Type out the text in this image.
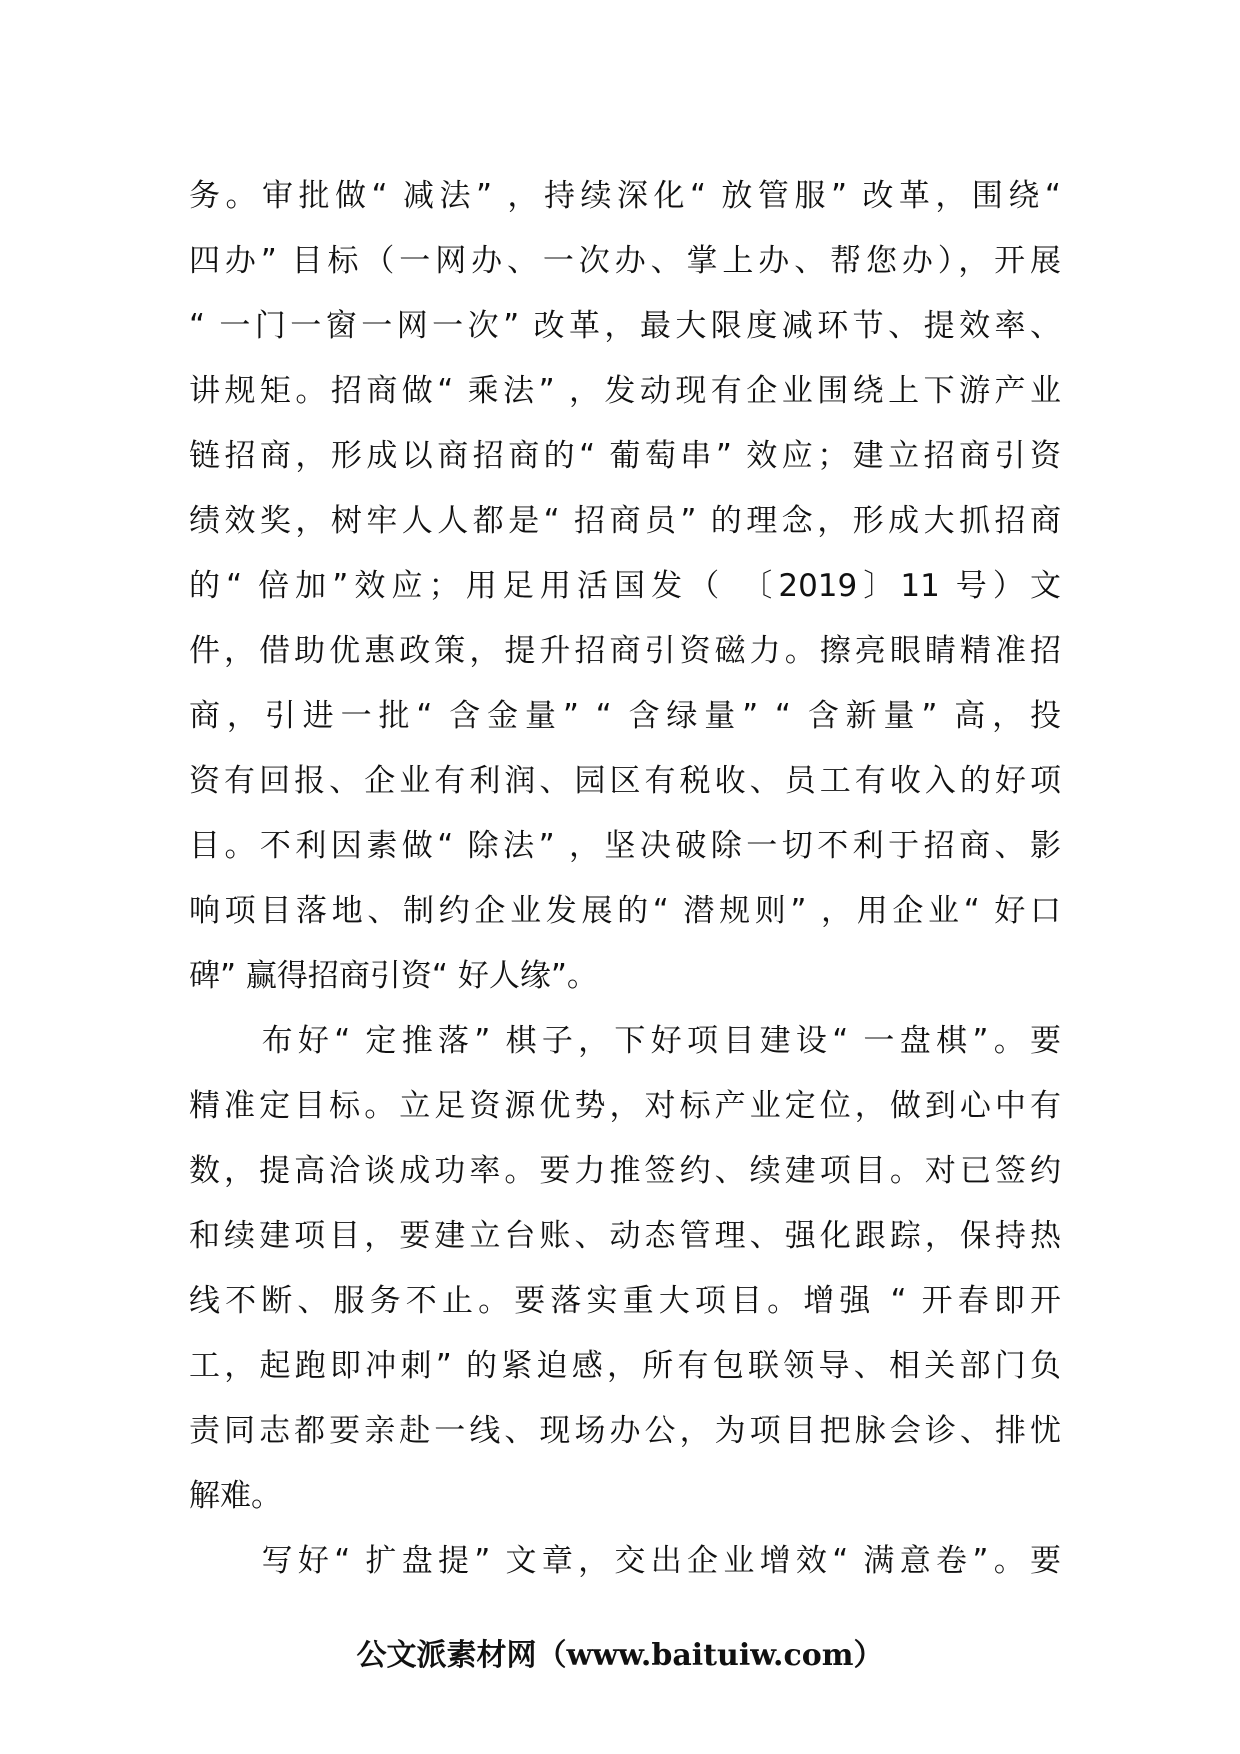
务。审批做“ 减法” ，持续深化“ 放管服” 改革，围绕“
四办” 目标（一网办、一次办、掌上办、帮您办），开展
“ 一门一窗一网一次” 改革，最大限度减环节、提效率、
讲规矩。招商做“ 乘法” ，发动现有企业围绕上下游产业
链招商，形成以商招商的“ 葡萄串” 效应；建立招商引资
绩效奖，树牢人人都是“ 招商员” 的理念，形成大抓招商
的“ 倍加”效应；用足用活国发（ 〔2019〕11 号）文
件，借助优惠政策，提升招商引资磁力。擦亮眼睛精准招
商，引进一批“ 含金量” “ 含绿量” “ 含新量” 高，投
资有回报、企业有利润、园区有税收、员工有收入的好项
目。不利因素做“ 除法” ，坚决破除一切不利于招商、影
响项目落地、制约企业发展的“ 潜规则” ，用企业“ 好口
碑” 赢得招商引资“ 好人缘”。
　　布好“ 定推落” 棋子，下好项目建设“ 一盘棋”。要
精准定目标。立足资源优势，对标产业定位，做到心中有
数，提高洽谈成功率。要力推签约、续建项目。对已签约
和续建项目，要建立台账、动态管理、强化跟踪，保持热
线不断、服务不止。要落实重大项目。增强 “ 开春即开
工，起跑即冲刺” 的紧迫感，所有包联领导、相关部门负
责同志都要亲赴一线、现场办公，为项目把脉会诊、排忧
解难。
　　写好“ 扩盘提” 文章，交出企业增效“ 满意卷”。要
公文派素材网（www.baituiw.com）
